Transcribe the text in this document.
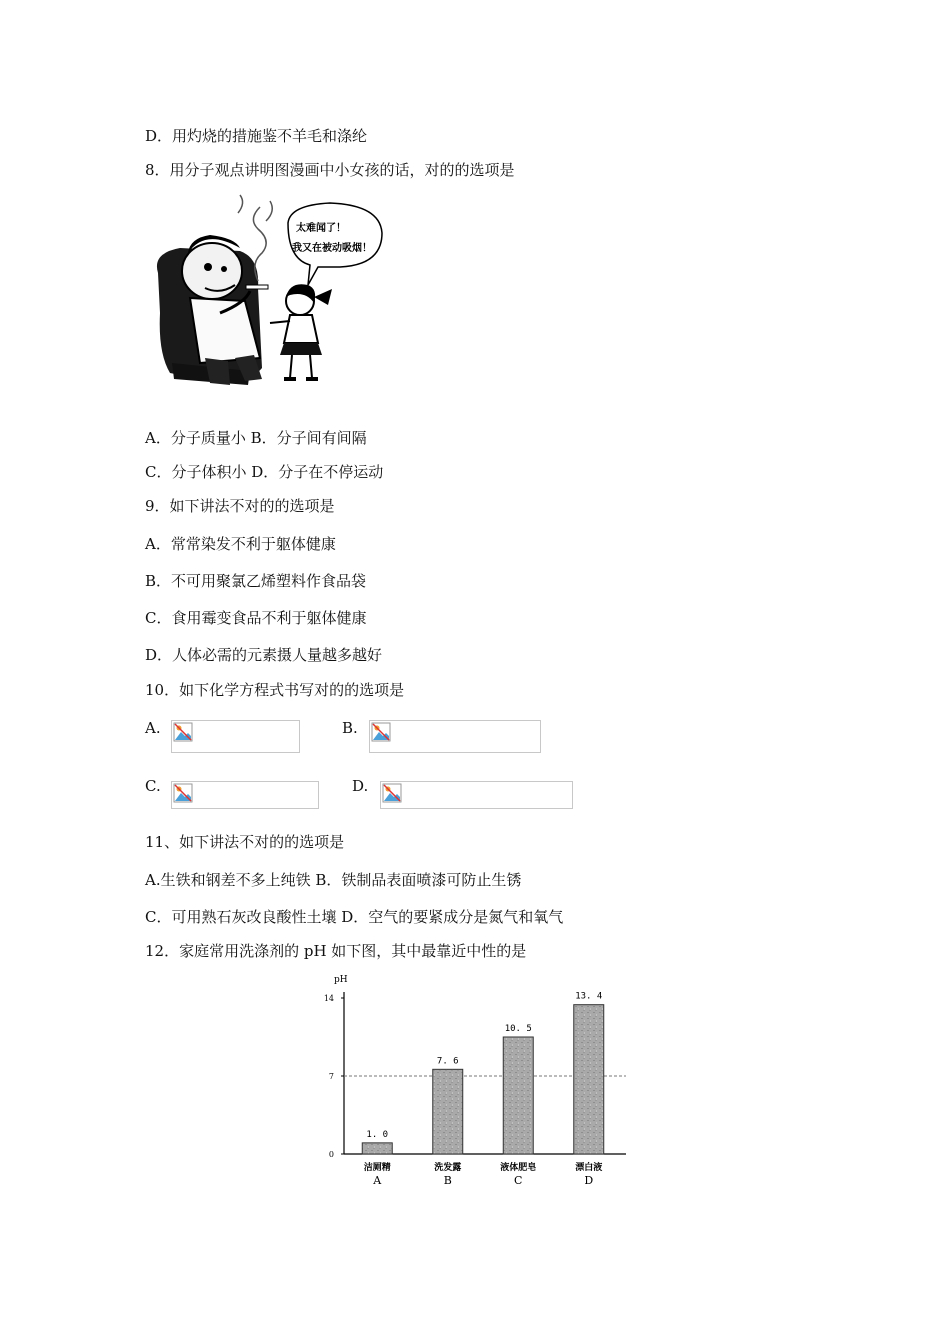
D．用灼烧的措施鉴不羊毛和涤纶
8．用分子观点讲明图漫画中小女孩的话，对的的选项是
太难闻了！
我又在被动吸烟！
A．分子质量小 B．分子间有间隔
C．分子体积小 D．分子在不停运动
9．如下讲法不对的的选项是
A．常常染发不利于躯体健康
B．不可用聚氯乙烯塑料作食品袋
C．食用霉变食品不利于躯体健康
D．人体必需的元素摄人量越多越好
10．如下化学方程式书写对的的选项是
A.	B.
C.	D.
11、如下讲法不对的的选项是
A.生铁和钢差不多上纯铁 B．铁制品表面喷漆可防止生锈
C．可用熟石灰改良酸性土壤 D．空气的要紧成分是氮气和氧气
12．家庭常用洗涤剂的 pH 如下图，其中最靠近中性的是
pH
0
7
14
1. 0
洁厕精
A
7. 6
洗发露
B
10. 5
液体肥皂
C
13. 4
漂白液
D
